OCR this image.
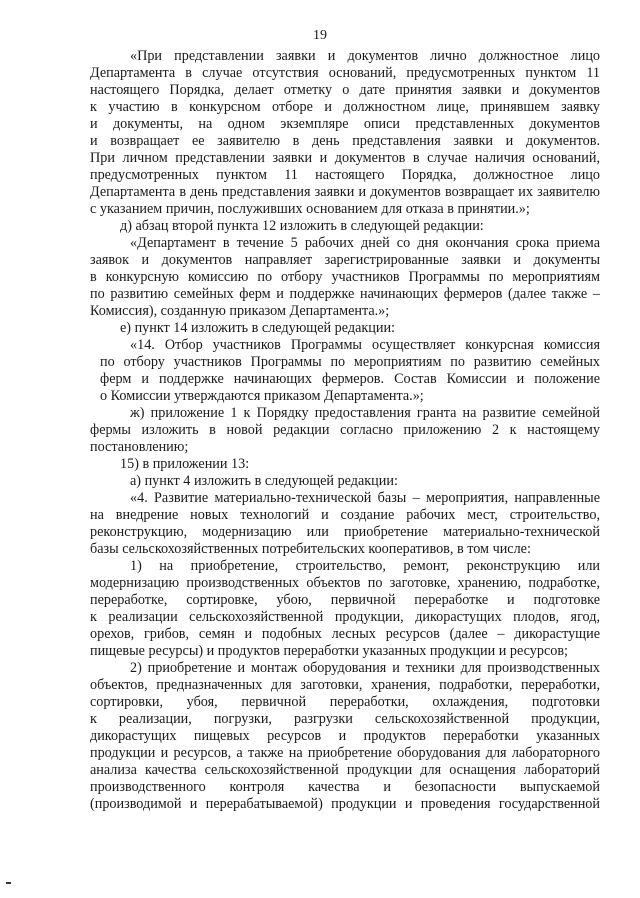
19
«При представлении заявки и документов лично должностное лицо
Департамента в случае отсутствия оснований, предусмотренных пунктом 11
настоящего Порядка, делает отметку о дате принятия заявки и документов
к участию в конкурсном отборе и должностном лице, принявшем заявку
и документы, на одном экземпляре описи представленных документов
и возвращает ее заявителю в день представления заявки и документов.
При личном представлении заявки и документов в случае наличия оснований,
предусмотренных пунктом 11 настоящего Порядка, должностное лицо
Департамента в день представления заявки и документов возвращает их заявителю
с указанием причин, послуживших основанием для отказа в принятии.»;
д) абзац второй пункта 12 изложить в следующей редакции:
«Департамент в течение 5 рабочих дней со дня окончания срока приема
заявок и документов направляет зарегистрированные заявки и документы
в конкурсную комиссию по отбору участников Программы по мероприятиям
по развитию семейных ферм и поддержке начинающих фермеров (далее также –
Комиссия), созданную приказом Департамента.»;
е) пункт 14 изложить в следующей редакции:
«14. Отбор участников Программы осуществляет конкурсная комиссия
по отбору участников Программы по мероприятиям по развитию семейных
ферм и поддержке начинающих фермеров. Состав Комиссии и положение
о Комиссии утверждаются приказом Департамента.»;
ж) приложение 1 к Порядку предоставления гранта на развитие семейной
фермы изложить в новой редакции согласно приложению 2 к настоящему
постановлению;
15) в приложении 13:
а) пункт 4 изложить в следующей редакции:
«4. Развитие материально-технической базы – мероприятия, направленные
на внедрение новых технологий и создание рабочих мест, строительство,
реконструкцию, модернизацию или приобретение материально-технической
базы сельскохозяйственных потребительских кооперативов, в том числе:
1) на приобретение, строительство, ремонт, реконструкцию или
модернизацию производственных объектов по заготовке, хранению, подработке,
переработке, сортировке, убою, первичной переработке и подготовке
к реализации сельскохозяйственной продукции, дикорастущих плодов, ягод,
орехов, грибов, семян и подобных лесных ресурсов (далее – дикорастущие
пищевые ресурсы) и продуктов переработки указанных продукции и ресурсов;
2) приобретение и монтаж оборудования и техники для производственных
объектов, предназначенных для заготовки, хранения, подработки, переработки,
сортировки, убоя, первичной переработки, охлаждения, подготовки
к реализации, погрузки, разгрузки сельскохозяйственной продукции,
дикорастущих пищевых ресурсов и продуктов переработки указанных
продукции и ресурсов, а также на приобретение оборудования для лабораторного
анализа качества сельскохозяйственной продукции для оснащения лабораторий
производственного контроля качества и безопасности выпускаемой
(производимой и перерабатываемой) продукции и проведения государственной
